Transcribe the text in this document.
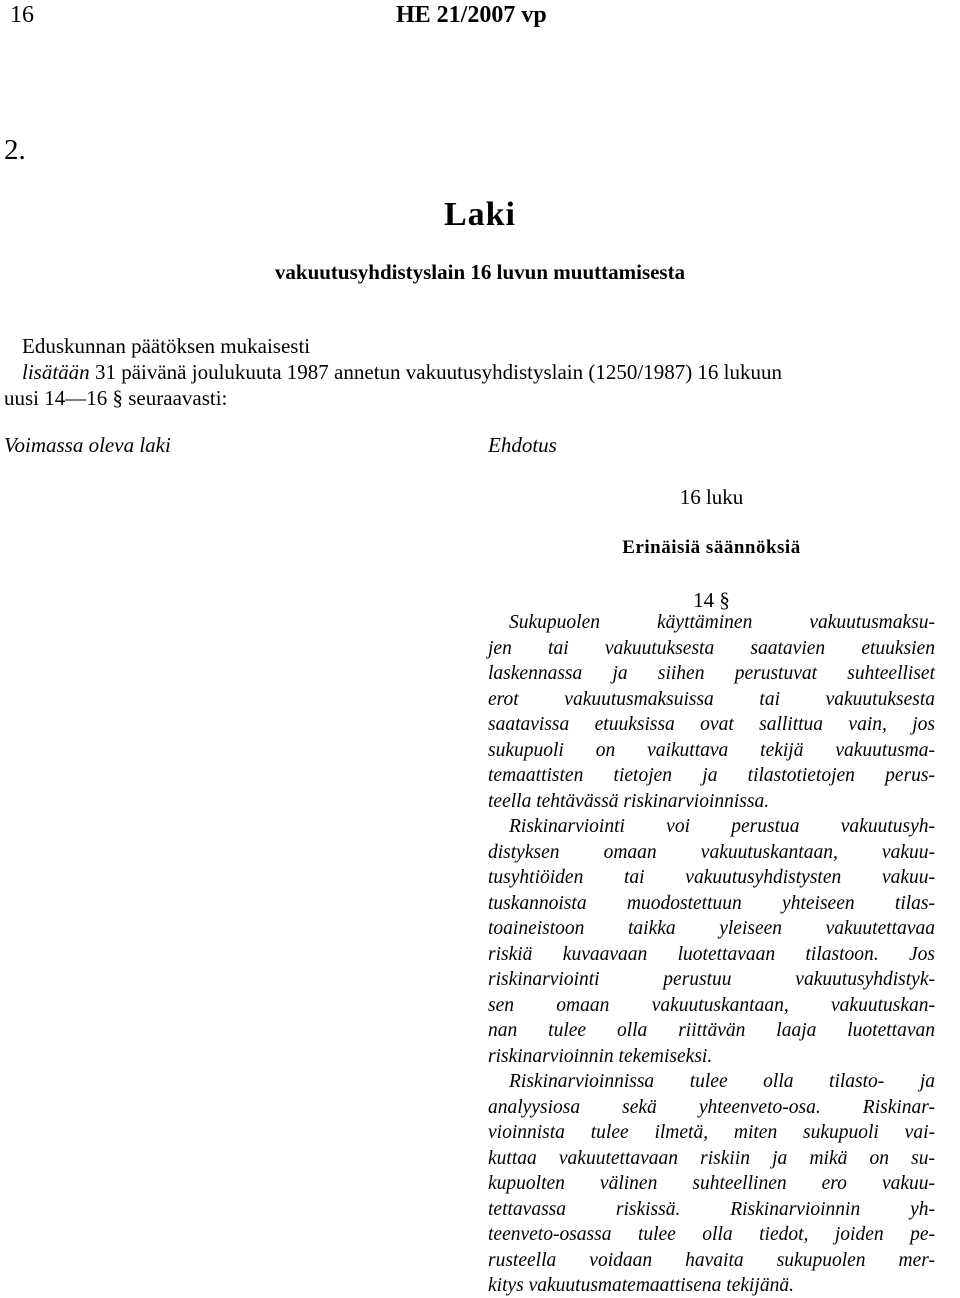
16	HE 21/2007 vp
2.
Laki
vakuutusyhdistyslain 16 luvun muuttamisesta
Eduskunnan päätöksen mukaisesti
lisätään 31 päivänä joulukuuta 1987 annetun vakuutusyhdistyslain (1250/1987) 16 lukuun
uusi 14—16 § seuraavasti:
Voimassa oleva laki	Ehdotus
16 luku
Erinäisiä säännöksiä
14 §
Sukupuolen käyttäminen vakuutusmaksu-
jen tai vakuutuksesta saatavien etuuksien
laskennassa ja siihen perustuvat suhteelliset
erot vakuutusmaksuissa tai vakuutuksesta
saatavissa etuuksissa ovat sallittua vain, jos
sukupuoli on vaikuttava tekijä vakuutusma-
temaattisten tietojen ja tilastotietojen perus-
teella tehtävässä riskinarvioinnissa.
Riskinarviointi voi perustua vakuutusyh-
distyksen omaan vakuutuskantaan, vakuu-
tusyhtiöiden tai vakuutusyhdistysten vakuu-
tuskannoista muodostettuun yhteiseen tilas-
toaineistoon taikka yleiseen vakuutettavaa
riskiä kuvaavaan luotettavaan tilastoon. Jos
riskinarviointi perustuu vakuutusyhdistyk-
sen omaan vakuutuskantaan, vakuutuskan-
nan tulee olla riittävän laaja luotettavan
riskinarvioinnin tekemiseksi.
Riskinarvioinnissa tulee olla tilasto- ja
analyysiosa sekä yhteenveto-osa. Riskinar-
vioinnista tulee ilmetä, miten sukupuoli vai-
kuttaa vakuutettavaan riskiin ja mikä on su-
kupuolten välinen suhteellinen ero vakuu-
tettavassa riskissä. Riskinarvioinnin yh-
teenveto-osassa tulee olla tiedot, joiden pe-
rusteella voidaan havaita sukupuolen mer-
kitys vakuutusmatemaattisena tekijänä.
